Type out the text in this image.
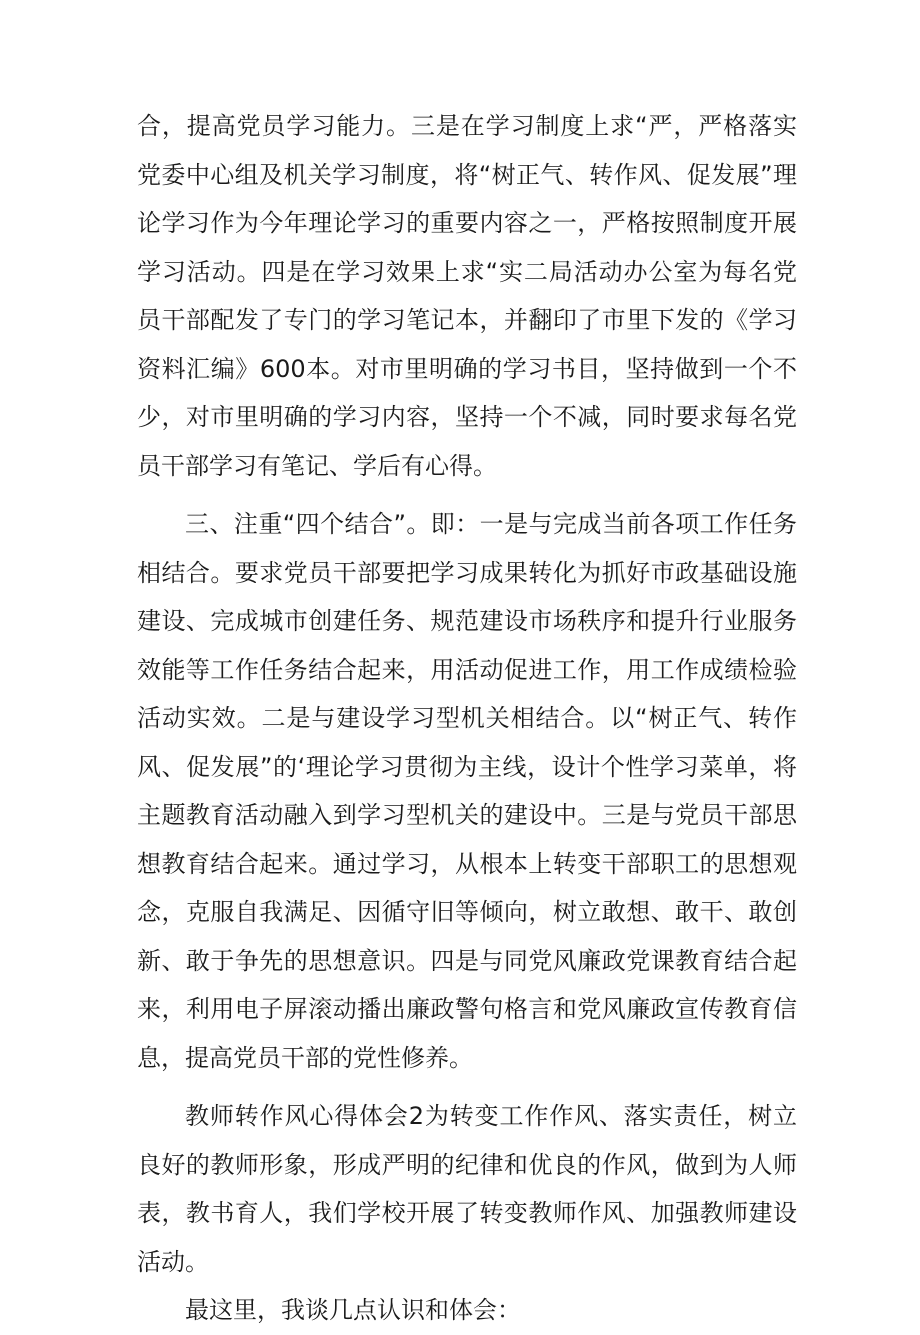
合，提高党员学习能力。三是在学习制度上求“严，严格落实党委中心组及机关学习制度，将“树正气、转作风、促发展”理论学习作为今年理论学习的重要内容之一，严格按照制度开展学习活动。四是在学习效果上求“实二局活动办公室为每名党员干部配发了专门的学习笔记本，并翻印了市里下发的《学习资料汇编》600本。对市里明确的学习书目，坚持做到一个不少，对市里明确的学习内容，坚持一个不减，同时要求每名党员干部学习有笔记、学后有心得。

三、注重“四个结合”。即：一是与完成当前各项工作任务相结合。要求党员干部要把学习成果转化为抓好市政基础设施建设、完成城市创建任务、规范建设市场秩序和提升行业服务效能等工作任务结合起来，用活动促进工作，用工作成绩检验活动实效。二是与建设学习型机关相结合。以“树正气、转作风、促发展”的‘理论学习贯彻为主线，设计个性学习菜单，将主题教育活动融入到学习型机关的建设中。三是与党员干部思想教育结合起来。通过学习，从根本上转变干部职工的思想观念，克服自我满足、因循守旧等倾向，树立敢想、敢干、敢创新、敢于争先的思想意识。四是与同党风廉政党课教育结合起来，利用电子屏滚动播出廉政警句格言和党风廉政宣传教育信息，提高党员干部的党性修养。

教师转作风心得体会2为转变工作作风、落实责任，树立良好的教师形象，形成严明的纪律和优良的作风，做到为人师表，教书育人，我们学校开展了转变教师作风、加强教师建设活动。

最这里，我谈几点认识和体会：
